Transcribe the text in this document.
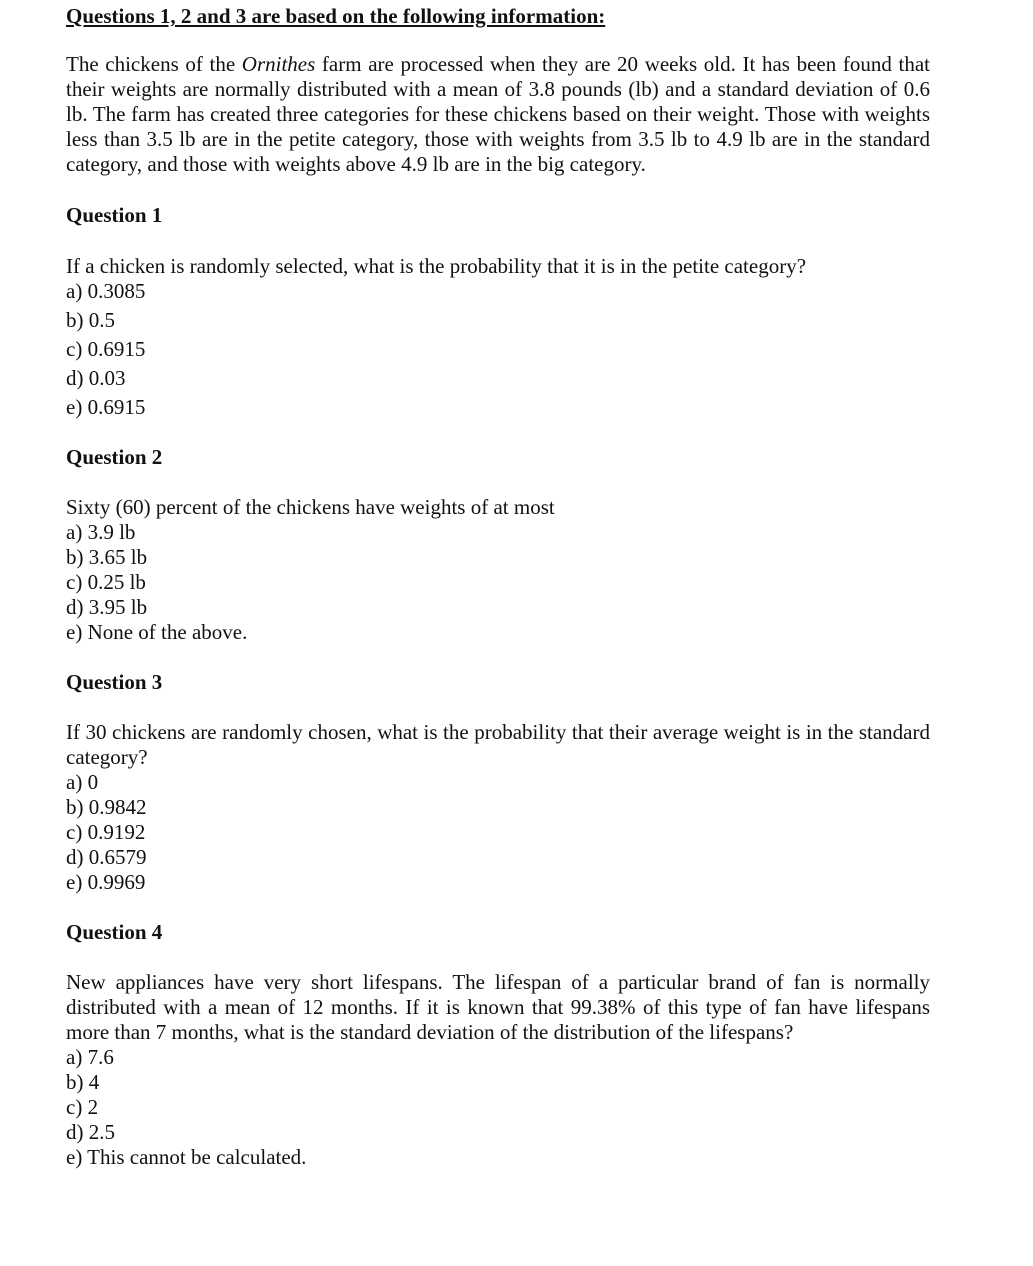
Questions 1, 2 and 3 are based on the following information:
The chickens of the Ornithes farm are processed when they are 20 weeks old. It has been found that their weights are normally distributed with a mean of 3.8 pounds (lb) and a standard deviation of 0.6 lb. The farm has created three categories for these chickens based on their weight. Those with weights less than 3.5 lb are in the petite category, those with weights from 3.5 lb to 4.9 lb are in the standard category, and those with weights above 4.9 lb are in the big category.
Question 1
If a chicken is randomly selected, what is the probability that it is in the petite category?
a) 0.3085
b) 0.5
c) 0.6915
d) 0.03
e) 0.6915
Question 2
Sixty (60) percent of the chickens have weights of at most
a) 3.9 lb
b) 3.65 lb
c) 0.25 lb
d) 3.95 lb
e) None of the above.
Question 3
If 30 chickens are randomly chosen, what is the probability that their average weight is in the standard category?
a) 0
b) 0.9842
c) 0.9192
d) 0.6579
e) 0.9969
Question 4
New appliances have very short lifespans. The lifespan of a particular brand of fan is normally distributed with a mean of 12 months. If it is known that 99.38% of this type of fan have lifespans more than 7 months, what is the standard deviation of the distribution of the lifespans?
a) 7.6
b) 4
c) 2
d) 2.5
e) This cannot be calculated.
